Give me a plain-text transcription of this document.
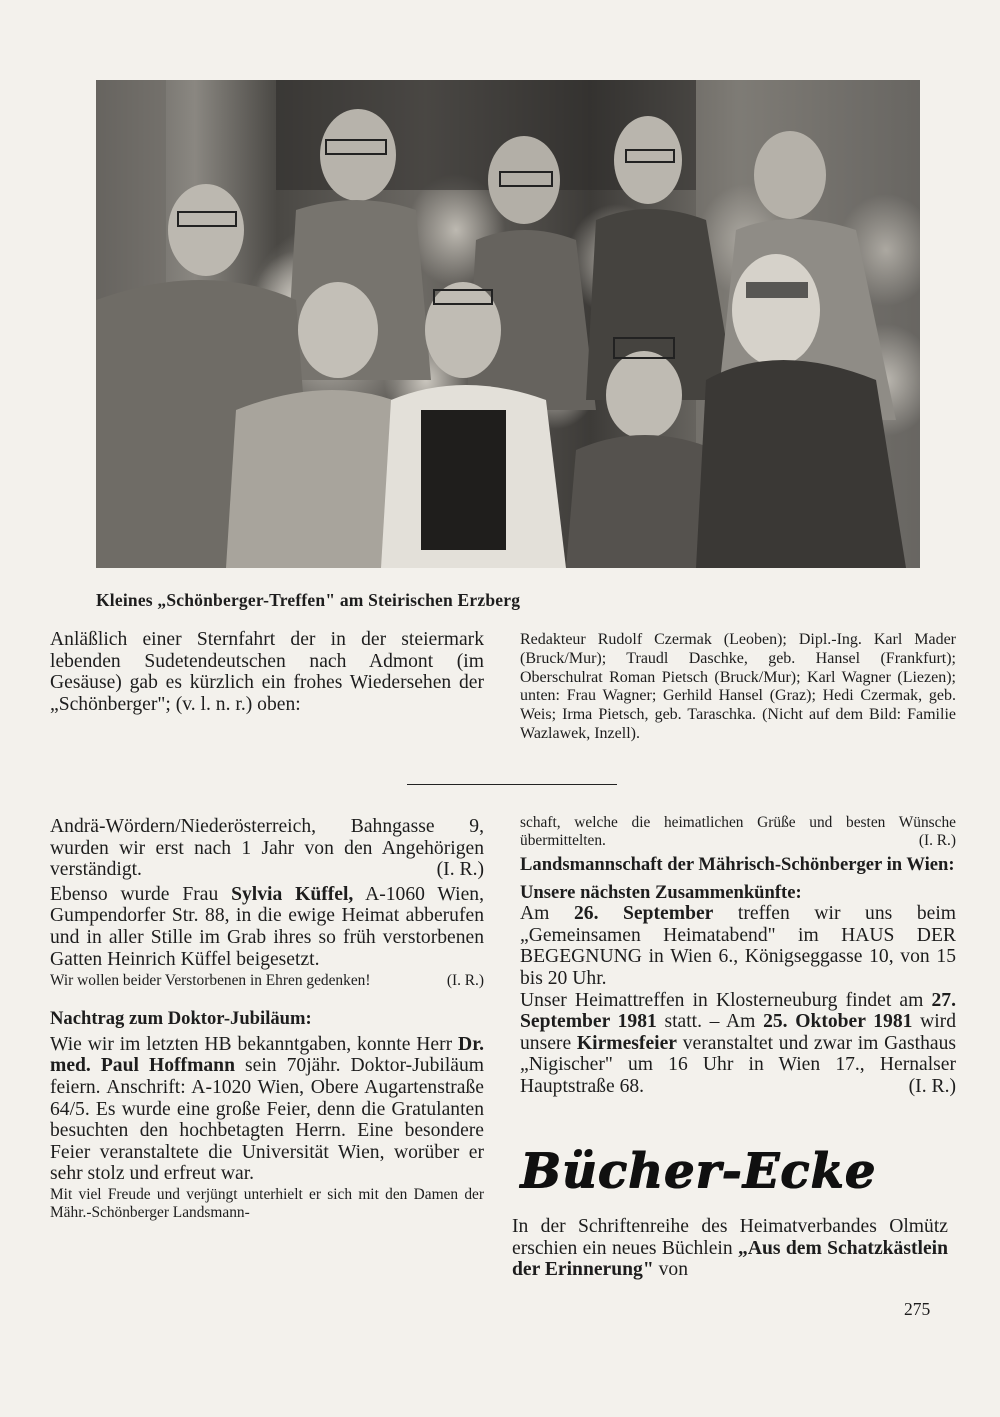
Kleines „Schönberger-Treffen" am Steirischen Erzberg

Anläßlich einer Sternfahrt der in der steiermark lebenden Sudetendeutschen nach Admont (im Gesäuse) gab es kürzlich ein frohes Wiedersehen der „Schönberger"; (v. l. n. r.) oben:

Redakteur Rudolf Czermak (Leoben); Dipl.-Ing. Karl Mader (Bruck/Mur); Traudl Daschke, geb. Hansel (Frankfurt); Oberschulrat Roman Pietsch (Bruck/Mur); Karl Wagner (Liezen); unten: Frau Wagner; Gerhild Hansel (Graz); Hedi Czermak, geb. Weis; Irma Pietsch, geb. Taraschka. (Nicht auf dem Bild: Familie Wazlawek, Inzell).

Andrä-Wördern/Niederösterreich, Bahngasse 9, wurden wir erst nach 1 Jahr von den Angehörigen verständigt.	(I. R.)

Ebenso wurde Frau Sylvia Küffel, A-1060 Wien, Gumpendorfer Str. 88, in die ewige Heimat abberufen und in aller Stille im Grab ihres so früh verstorbenen Gatten Heinrich Küffel beigesetzt.

Wir wollen beider Verstorbenen in Ehren gedenken!	(I. R.)

Nachtrag zum Doktor-Jubiläum:

Wie wir im letzten HB bekanntgaben, konnte Herr Dr. med. Paul Hoffmann sein 70jähr. Doktor-Jubiläum feiern. Anschrift: A-1020 Wien, Obere Augartenstraße 64/5. Es wurde eine große Feier, denn die Gratulanten besuchten den hochbetagten Herrn. Eine besondere Feier veranstaltete die Universität Wien, worüber er sehr stolz und erfreut war.

Mit viel Freude und verjüngt unterhielt er sich mit den Damen der Mähr.-Schönberger Landsmann-

schaft, welche die heimatlichen Grüße und besten Wünsche übermittelten.	(I. R.)

Landsmannschaft der Mährisch-Schönberger in Wien:

Unsere nächsten Zusammenkünfte:

Am 26. September treffen wir uns beim „Gemeinsamen Heimatabend" im HAUS DER BEGEGNUNG in Wien 6., Königseggasse 10, von 15 bis 20 Uhr.

Unser Heimattreffen in Klosterneuburg findet am 27. September 1981 statt. – Am 25. Oktober 1981 wird unsere Kirmesfeier veranstaltet und zwar im Gasthaus „Nigischer" um 16 Uhr in Wien 17., Hernalser Hauptstraße 68.	(I. R.)

Bücher-Ecke

In der Schriftenreihe des Heimatverbandes Olmütz erschien ein neues Büchlein „Aus dem Schatzkästlein der Erinnerung" von

275
